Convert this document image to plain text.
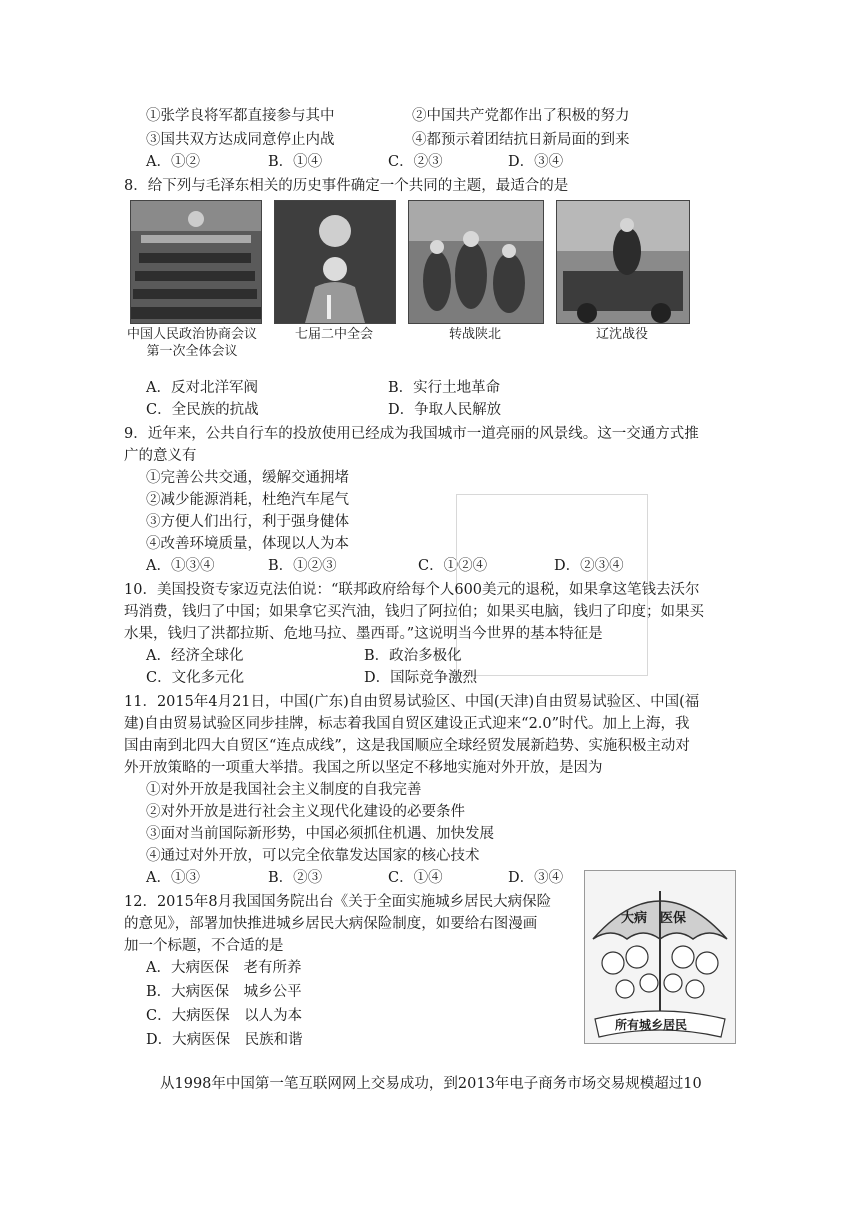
①张学良将军都直接参与其中	②中国共产党都作出了积极的努力
③国共双方达成同意停止内战	④都预示着团结抗日新局面的到来
A．①②	B．①④	C．②③	D．③④
8．给下列与毛泽东相关的历史事件确定一个共同的主题，最适合的是
中国人民政治协商会议第一次全体会议
七届二中全会	转战陕北	辽沈战役
A．反对北洋军阀	B．实行土地革命
C．全民族的抗战	D．争取人民解放
9．近年来，公共自行车的投放使用已经成为我国城市一道亮丽的风景线。这一交通方式推
广的意义有
①完善公共交通，缓解交通拥堵
②减少能源消耗，杜绝汽车尾气
③方便人们出行，利于强身健体
④改善环境质量，体现以人为本
A．①③④	B．①②③	C．①②④	D．②③④
10．美国投资专家迈克法伯说：“联邦政府给每个人600美元的退税，如果拿这笔钱去沃尔
玛消费，钱归了中国；如果拿它买汽油，钱归了阿拉伯；如果买电脑，钱归了印度；如果买
水果，钱归了洪都拉斯、危地马拉、墨西哥。”这说明当今世界的基本特征是
A．经济全球化	B．政治多极化
C．文化多元化	D．国际竞争激烈
11．2015年4月21日，中国(广东)自由贸易试验区、中国(天津)自由贸易试验区、中国(福
建)自由贸易试验区同步挂牌，标志着我国自贸区建设正式迎来“2.0”时代。加上上海，我
国由南到北四大自贸区“连点成线”，这是我国顺应全球经贸发展新趋势、实施积极主动对
外开放策略的一项重大举措。我国之所以坚定不移地实施对外开放，是因为
①对外开放是我国社会主义制度的自我完善
②对外开放是进行社会主义现代化建设的必要条件
③面对当前国际新形势，中国必须抓住机遇、加快发展
④通过对外开放，可以完全依靠发达国家的核心技术
A．①③	B．②③	C．①④	D．③④
12．2015年8月我国国务院出台《关于全面实施城乡居民大病保险
的意见》，部署加快推进城乡居民大病保险制度，如要给右图漫画
加一个标题，不合适的是
A．大病医保　老有所养
B．大病医保　城乡公平
C．大病医保　以人为本
D．大病医保　民族和谐
大病　医保
所有城乡居民
从1998年中国第一笔互联网网上交易成功，到2013年电子商务市场交易规模超过10
